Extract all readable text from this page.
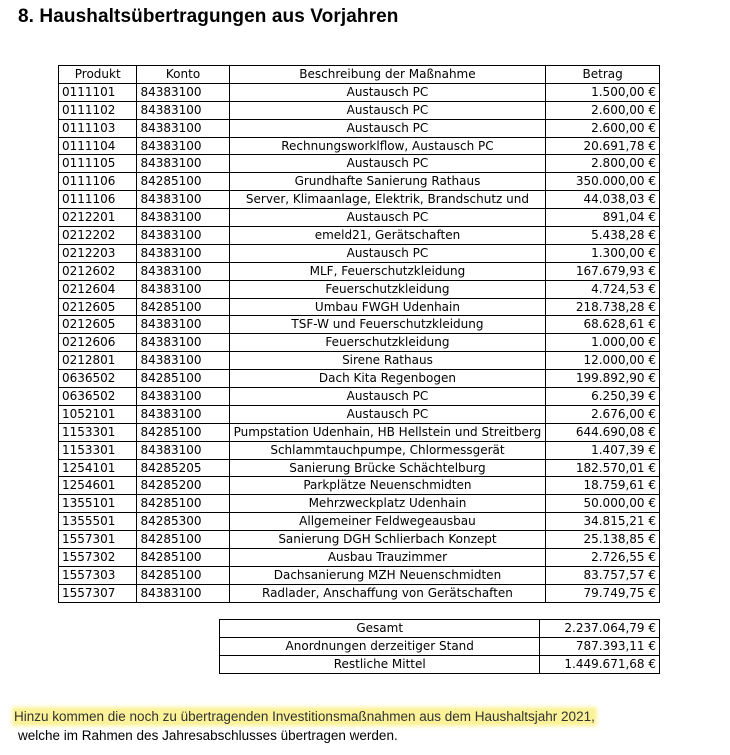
8. Haushaltsübertragungen aus Vorjahren
Produkt	Konto	Beschreibung der Maßnahme	Betrag
0111101	84383100	Austausch PC	1.500,00 €
0111102	84383100	Austausch PC	2.600,00 €
0111103	84383100	Austausch PC	2.600,00 €
0111104	84383100	Rechnungsworklflow, Austausch PC	20.691,78 €
0111105	84383100	Austausch PC	2.800,00 €
0111106	84285100	Grundhafte Sanierung Rathaus	350.000,00 €
0111106	84383100	Server, Klimaanlage, Elektrik, Brandschutz und	44.038,03 €
0212201	84383100	Austausch PC	891,04 €
0212202	84383100	emeld21, Gerätschaften	5.438,28 €
0212203	84383100	Austausch PC	1.300,00 €
0212602	84383100	MLF, Feuerschutzkleidung	167.679,93 €
0212604	84383100	Feuerschutzkleidung	4.724,53 €
0212605	84285100	Umbau FWGH Udenhain	218.738,28 €
0212605	84383100	TSF-W und Feuerschutzkleidung	68.628,61 €
0212606	84383100	Feuerschutzkleidung	1.000,00 €
0212801	84383100	Sirene Rathaus	12.000,00 €
0636502	84285100	Dach Kita Regenbogen	199.892,90 €
0636502	84383100	Austausch PC	6.250,39 €
1052101	84383100	Austausch PC	2.676,00 €
1153301	84285100	Pumpstation Udenhain, HB Hellstein und Streitberg	644.690,08 €
1153301	84383100	Schlammtauchpumpe, Chlormessgerät	1.407,39 €
1254101	84285205	Sanierung Brücke Schächtelburg	182.570,01 €
1254601	84285200	Parkplätze Neuenschmidten	18.759,61 €
1355101	84285100	Mehrzweckplatz Udenhain	50.000,00 €
1355501	84285300	Allgemeiner Feldwegeausbau	34.815,21 €
1557301	84285100	Sanierung DGH Schlierbach Konzept	25.138,85 €
1557302	84285100	Ausbau Trauzimmer	2.726,55 €
1557303	84285100	Dachsanierung MZH Neuenschmidten	83.757,57 €
1557307	84383100	Radlader, Anschaffung von Gerätschaften	79.749,75 €
Gesamt	2.237.064,79 €
Anordnungen derzeitiger Stand	787.393,11 €
Restliche Mittel	1.449.671,68 €
Hinzu kommen die noch zu übertragenden Investitionsmaßnahmen aus dem Haushaltsjahr 2021,
welche im Rahmen des Jahresabschlusses übertragen werden.
